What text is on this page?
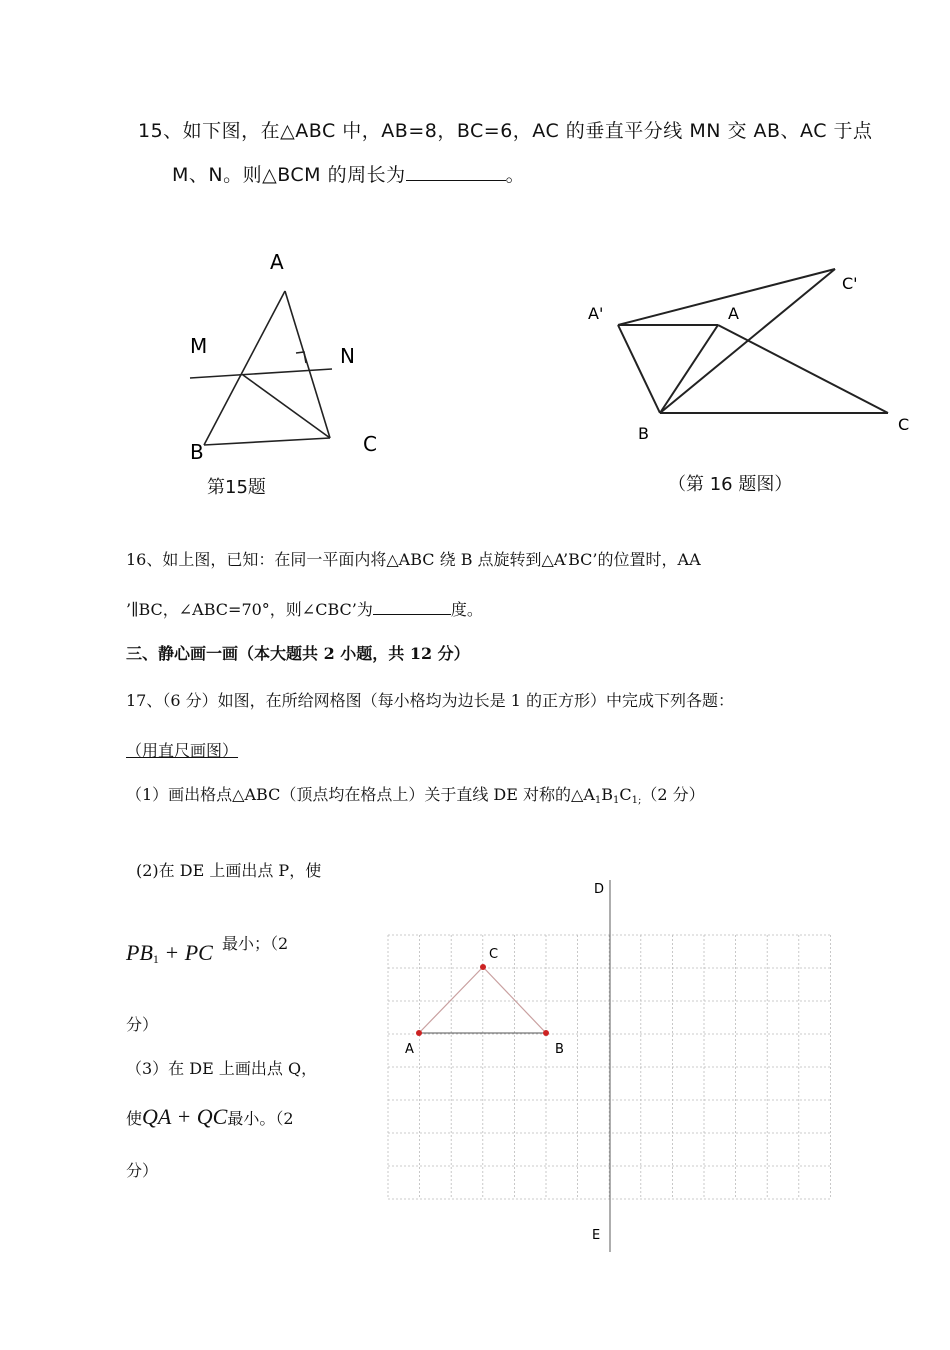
15、如下图，在△ABC 中，AB=8，BC=6，AC 的垂直平分线 MN 交 AB、AC 于点
M、N。则△BCM 的周长为	。
A
M	N
B	C
第15题
A'	A
C'
B	C
（第 16 题图）
16、如上图，已知：在同一平面内将△ABC 绕 B 点旋转到△A’BC’的位置时，AA
’∥BC，∠ABC=70°，则∠CBC’为	度。
三、静心画一画（本大题共 2 小题，共 12 分）
17、（6 分）如图，在所给网格图（每小格均为边长是 1 的正方形）中完成下列各题：
（用直尺画图）
（1）画出格点△ABC（顶点均在格点上）关于直线 DE 对称的$\triangle A_1B_1C_{1;}(2$ 分）
(2)在 DE 上画出点 P，使
$PB_1$ + PC 最小；（2
分）
（3）在 DE 上画出点 Q，
使QA + QC最小。（2
分）
D
E
C
A	B
